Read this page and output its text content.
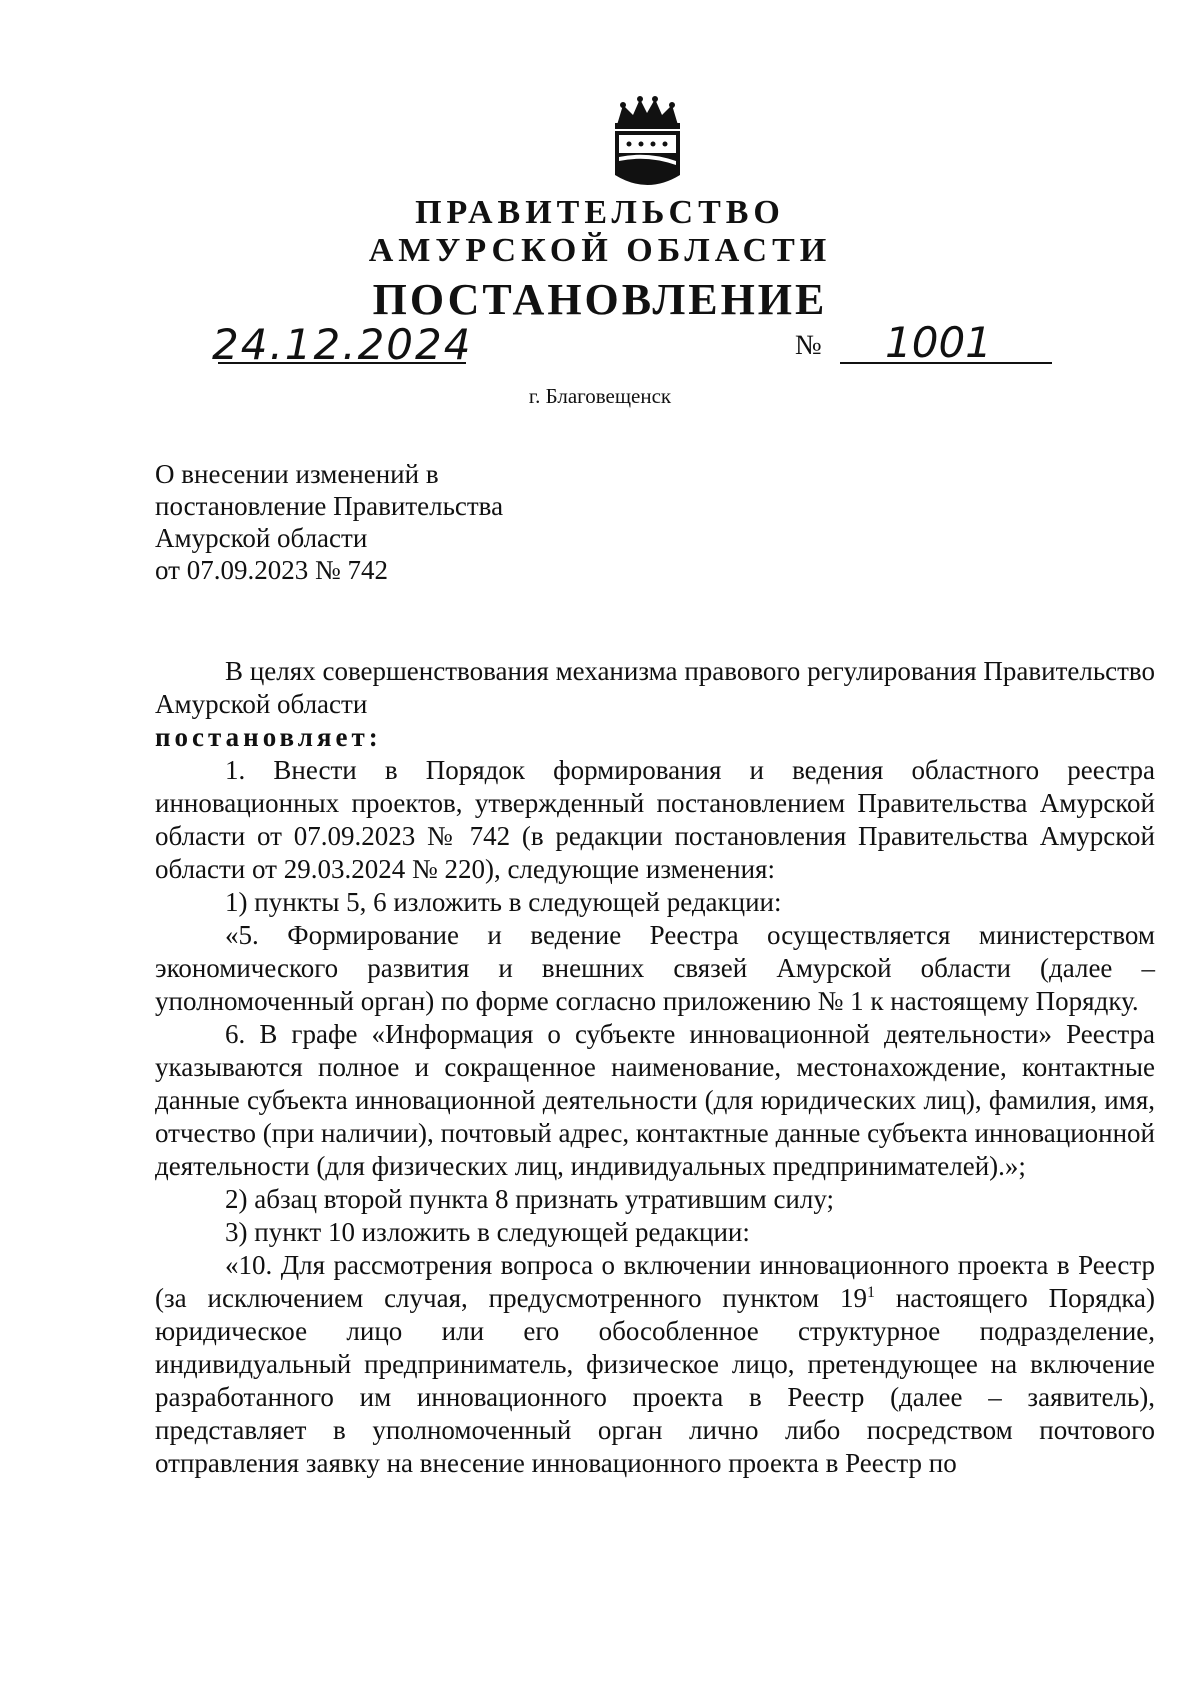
ПРАВИТЕЛЬСТВО
АМУРСКОЙ ОБЛАСТИ
ПОСТАНОВЛЕНИЕ
24.12.2024	№ 1001
г. Благовещенск
О внесении изменений в
постановление Правительства
Амурской области
от 07.09.2023 № 742

В целях совершенствования механизма правового регулирования Правительство Амурской области

постановляет:

1. Внести в Порядок формирования и ведения областного реестра инновационных проектов, утвержденный постановлением Правительства Амурской области от 07.09.2023 № 742 (в редакции постановления Правительства Амурской области от 29.03.2024 № 220), следующие изменения:

1) пункты 5, 6 изложить в следующей редакции:

«5. Формирование и ведение Реестра осуществляется министерством экономического развития и внешних связей Амурской области (далее – уполномоченный орган) по форме согласно приложению № 1 к настоящему Порядку.

6. В графе «Информация о субъекте инновационной деятельности» Реестра указываются полное и сокращенное наименование, местонахождение, контактные данные субъекта инновационной деятельности (для юридических лиц), фамилия, имя, отчество (при наличии), почтовый адрес, контактные данные субъекта инновационной деятельности (для физических лиц, индивидуальных предпринимателей).»;

2) абзац второй пункта 8 признать утратившим силу;

3) пункт 10 изложить в следующей редакции:

«10. Для рассмотрения вопроса о включении инновационного проекта в Реестр (за исключением случая, предусмотренного пунктом $19^1$ настоящего Порядка) юридическое лицо или его обособленное структурное подразделение, индивидуальный предприниматель, физическое лицо, претендующее на включение разработанного им инновационного проекта в Реестр (далее – заявитель), представляет в уполномоченный орган лично либо посредством почтового отправления заявку на внесение инновационного проекта в Реестр по
